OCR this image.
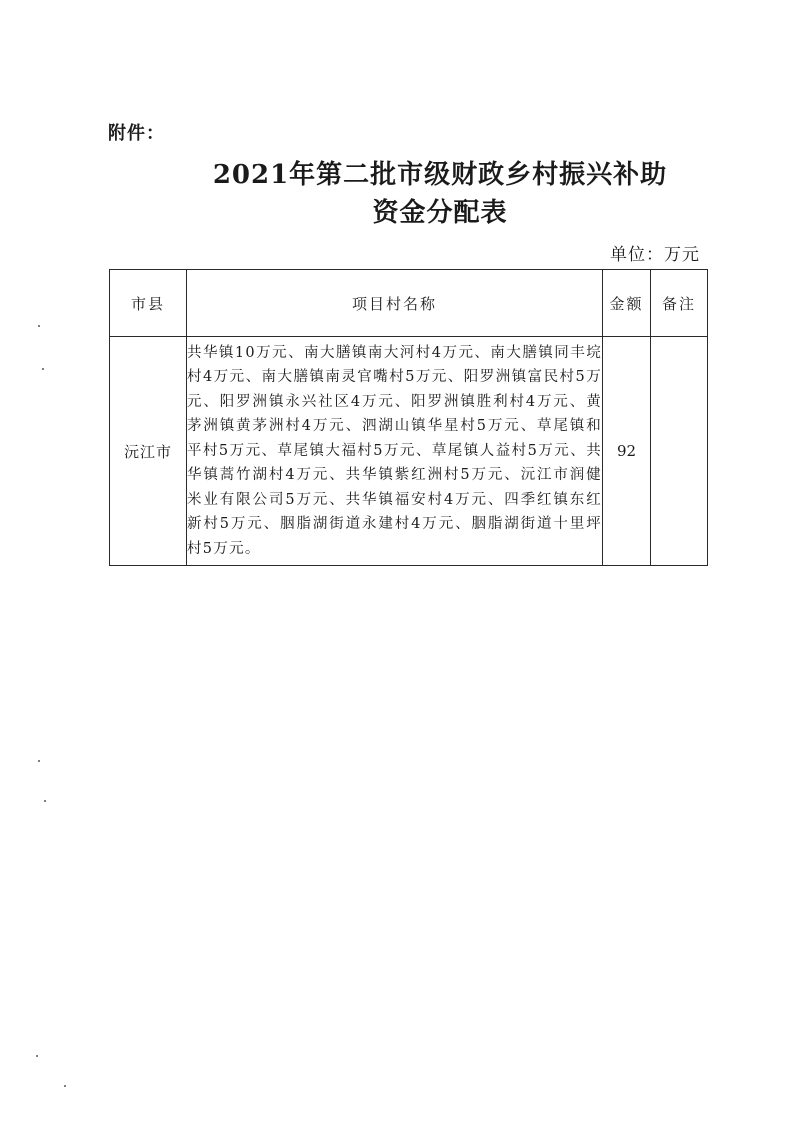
附件：
2021年第二批市级财政乡村振兴补助
资金分配表
单位：万元
市县	项目村名称	金额	备注
沅江市	共华镇10万元、南大膳镇南大河村4万元、南大膳镇同丰垸村4万元、南大膳镇南灵官嘴村5万元、阳罗洲镇富民村5万元、阳罗洲镇永兴社区4万元、阳罗洲镇胜利村4万元、黄茅洲镇黄茅洲村4万元、泗湖山镇华星村5万元、草尾镇和平村5万元、草尾镇大福村5万元、草尾镇人益村5万元、共华镇蒿竹湖村4万元、共华镇紫红洲村5万元、沅江市润健米业有限公司5万元、共华镇福安村4万元、四季红镇东红新村5万元、胭脂湖街道永建村4万元、胭脂湖街道十里坪村5万元。	92	
